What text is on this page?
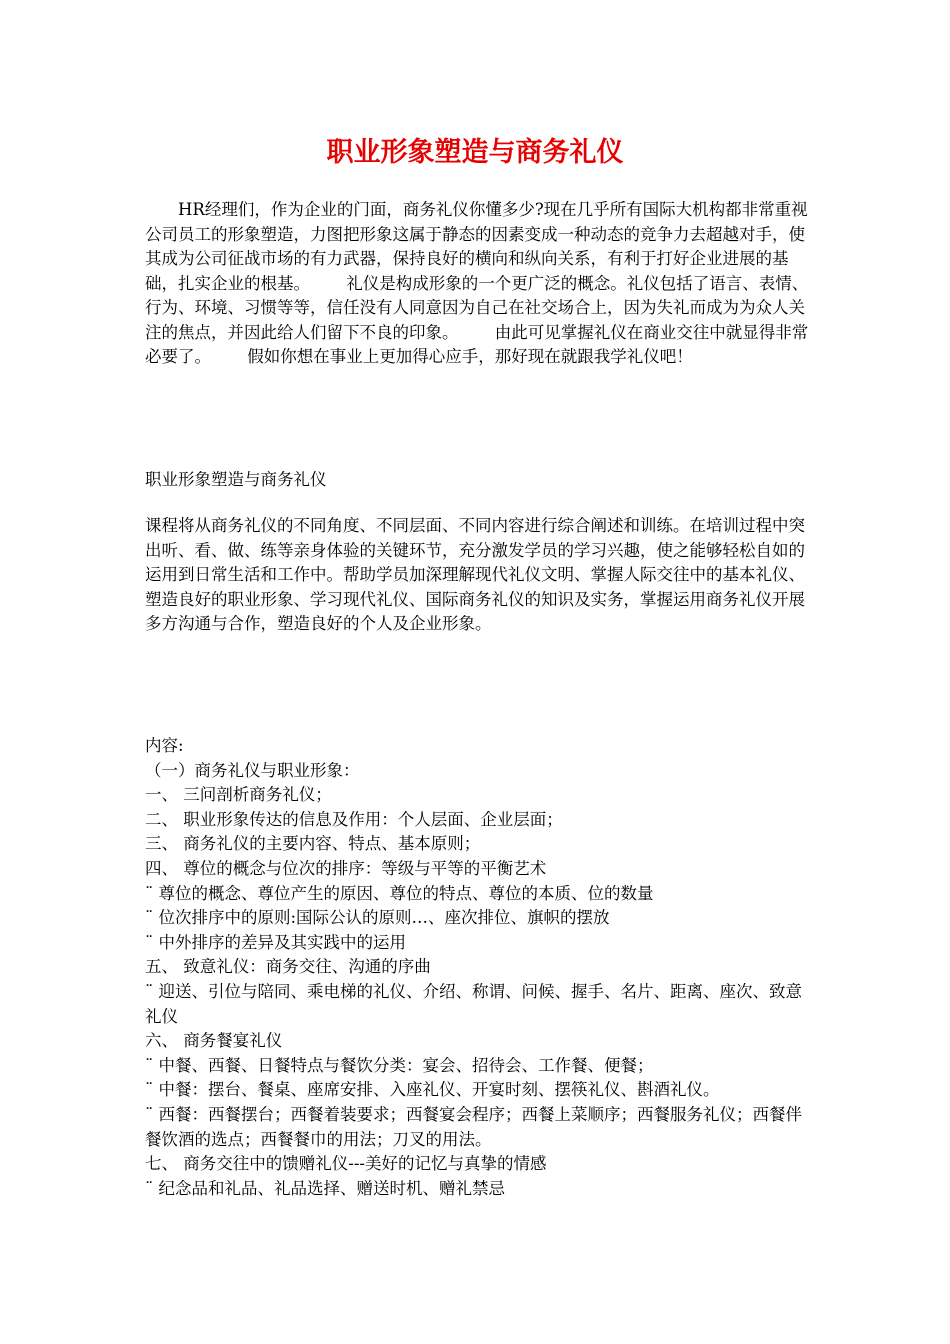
职业形象塑造与商务礼仪

HR经理们，作为企业的门面，商务礼仪你懂多少?现在几乎所有国际大机构都非常重视公司员工的形象塑造，力图把形象这属于静态的因素变成一种动态的竞争力去超越对手，使其成为公司征战市场的有力武器，保持良好的横向和纵向关系，有利于打好企业进展的基础，扎实企业的根基。 礼仪是构成形象的一个更广泛的概念。礼仪包括了语言、表情、行为、环境、习惯等等，信任没有人同意因为自己在社交场合上，因为失礼而成为为众人关注的焦点，并因此给人们留下不良的印象。 由此可见掌握礼仪在商业交往中就显得非常必要了。 假如你想在事业上更加得心应手，那好现在就跟我学礼仪吧！

职业形象塑造与商务礼仪
课程将从商务礼仪的不同角度、不同层面、不同内容进行综合阐述和训练。在培训过程中突出听、看、做、练等亲身体验的关键环节，充分激发学员的学习兴趣，使之能够轻松自如的运用到日常生活和工作中。帮助学员加深理解现代礼仪文明、掌握人际交往中的基本礼仪、塑造良好的职业形象、学习现代礼仪、国际商务礼仪的知识及实务，掌握运用商务礼仪开展多方沟通与合作，塑造良好的个人及企业形象。
内容:
（一）商务礼仪与职业形象：
一、 三问剖析商务礼仪；
二、 职业形象传达的信息及作用：个人层面、企业层面；
三、 商务礼仪的主要内容、特点、基本原则；
四、 尊位的概念与位次的排序：等级与平等的平衡艺术
¨ 尊位的概念、尊位产生的原因、尊位的特点、尊位的本质、位的数量
¨ 位次排序中的原则:国际公认的原则…、座次排位、旗帜的摆放
¨ 中外排序的差异及其实践中的运用
五、 致意礼仪：商务交往、沟通的序曲
¨ 迎送、引位与陪同、乘电梯的礼仪、介绍、称谓、问候、握手、名片、距离、座次、致意礼仪
六、 商务餐宴礼仪
¨ 中餐、西餐、日餐特点与餐饮分类：宴会、招待会、工作餐、便餐；
¨ 中餐：摆台、餐桌、座席安排、入座礼仪、开宴时刻、摆筷礼仪、斟酒礼仪。
¨ 西餐：西餐摆台；西餐着装要求；西餐宴会程序；西餐上菜顺序；西餐服务礼仪；西餐伴餐饮酒的选点；西餐餐巾的用法；刀叉的用法。
七、 商务交往中的馈赠礼仪---美好的记忆与真挚的情感
¨ 纪念品和礼品、礼品选择、赠送时机、赠礼禁忌
